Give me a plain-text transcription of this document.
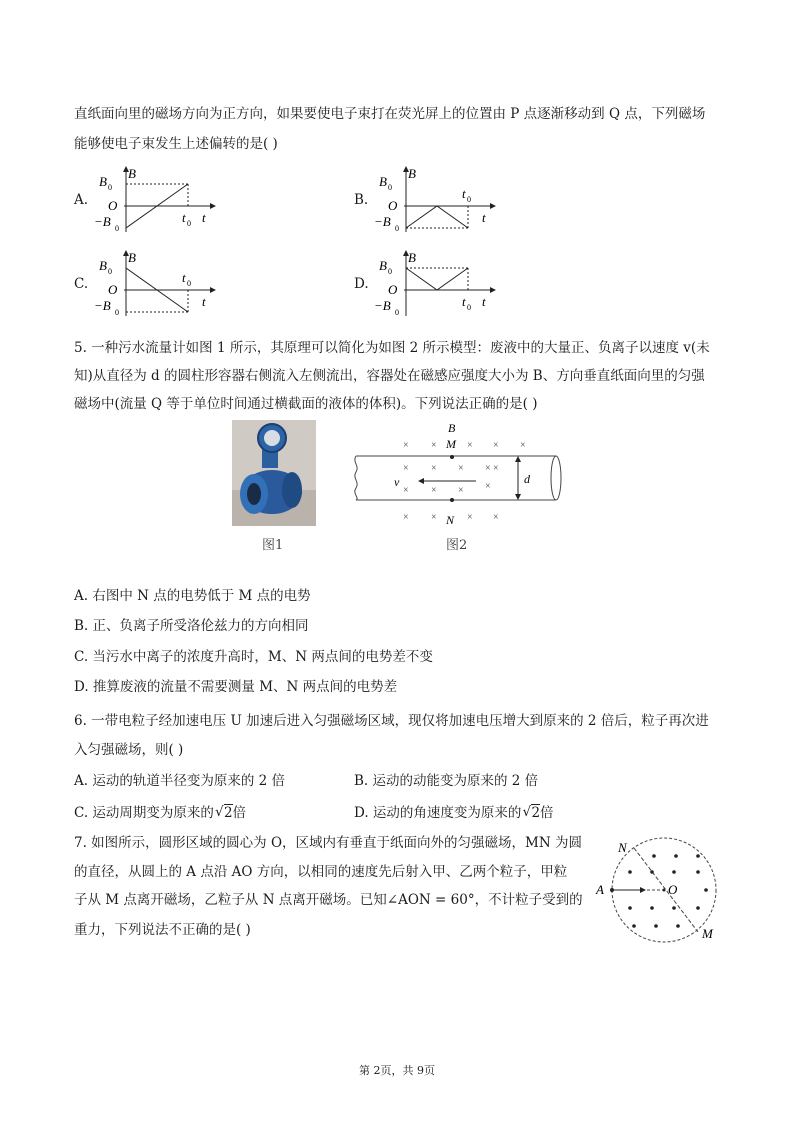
直纸面向里的磁场方向为正方向，如果要使电子束打在荧光屏上的位置由 P 点逐渐移动到 Q 点，下列磁场
能够使电子束发生上述偏转的是( )
A.	B.
C.	D.
B 0
B
O
−B 0
t 0 t
B 0
B
O
−B 0
t 0
t
B 0
B
O
−B 0
t 0
t
B 0
B
O
−B 0
t 0 t
5. 一种污水流量计如图 1 所示，其原理可以简化为如图 2 所示模型：废液中的大量正、负离子以速度 v(未
知)从直径为 d 的圆柱形容器右侧流入左侧流出，容器处在磁感应强度大小为 B、方向垂直纸面向里的匀强
磁场中(流量 Q 等于单位时间通过横截面的液体的体积)。下列说法正确的是( )
图1
× ×	× × ×
× × × × ×
×
× × ×
× ×	× ×
B
M
N
v	d
图2
A. 右图中 N 点的电势低于 M 点的电势
B. 正、负离子所受洛伦兹力的方向相同
C. 当污水中离子的浓度升高时，M、N 两点间的电势差不变
D. 推算废液的流量不需要测量 M、N 两点间的电势差
6. 一带电粒子经加速电压 U 加速后进入匀强磁场区域，现仅将加速电压增大到原来的 2 倍后，粒子再次进
入匀强磁场，则( )
A. 运动的轨道半径变为原来的 2 倍	B. 运动的动能变为原来的 2 倍
C. 运动周期变为原来的 √ 2倍	D. 运动的角速度变为原来的 √ 2倍
7. 如图所示，圆形区域的圆心为 O，区域内有垂直于纸面向外的匀强磁场，MN 为圆
的直径，从圆上的 A 点沿 AO 方向，以相同的速度先后射入甲、乙两个粒子，甲粒
子从 M 点离开磁场，乙粒子从 N 点离开磁场。已知∠AON = 60°，不计粒子受到的
重力，下列说法不正确的是( )
N
A	O
M
第 2页，共 9页
